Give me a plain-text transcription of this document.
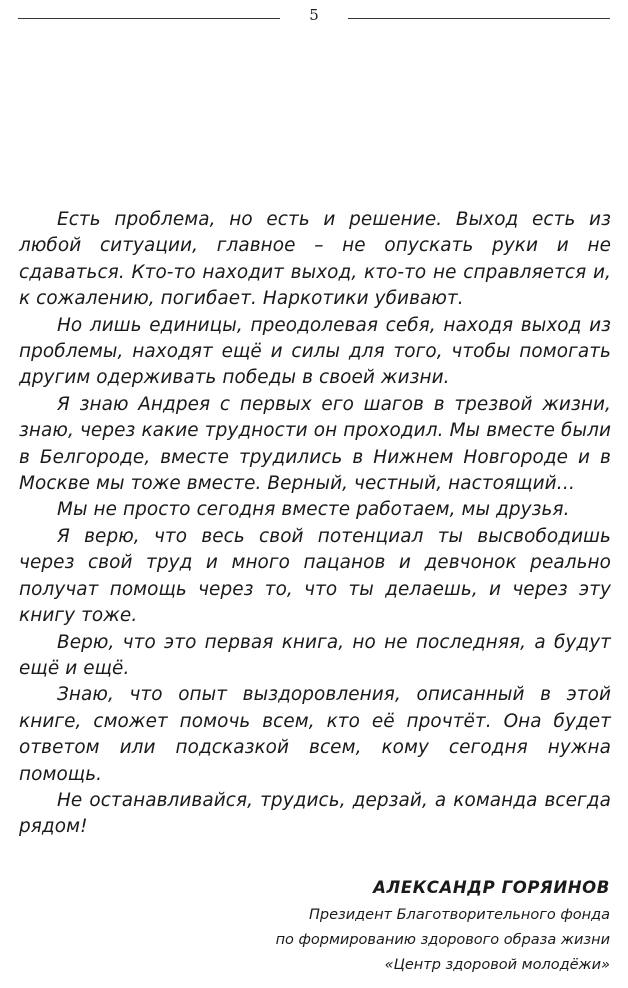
5

Есть проблема, но есть и решение. Выход есть из любой ситуации, главное – не опускать руки и не сдаваться. Кто-то находит выход, кто-то не справляется и, к сожалению, погибает. Наркотики убивают.

Но лишь единицы, преодолевая себя, находя выход из проблемы, находят ещё и силы для того, чтобы помогать другим одерживать победы в своей жизни.

Я знаю Андрея с первых его шагов в трезвой жизни, знаю, через какие трудности он проходил. Мы вместе были в Белгороде, вместе трудились в Нижнем Новгороде и в Москве мы тоже вместе. Верный, честный, настоящий…

Мы не просто сегодня вместе работаем, мы друзья.

Я верю, что весь свой потенциал ты высвободишь через свой труд и много пацанов и девчонок реально получат помощь через то, что ты делаешь, и через эту книгу тоже.

Верю, что это первая книга, но не последняя, а будут ещё и ещё.

Знаю, что опыт выздоровления, описанный в этой книге, сможет помочь всем, кто её прочтёт. Она будет ответом или подсказкой всем, кому сегодня нужна помощь.

Не останавливайся, трудись, дерзай, а команда всегда рядом!

АЛЕКСАНДР ГОРЯИНОВ
Президент Благотворительного фонда
по формированию здорового образа жизни
«Центр здоровой молодёжи»
